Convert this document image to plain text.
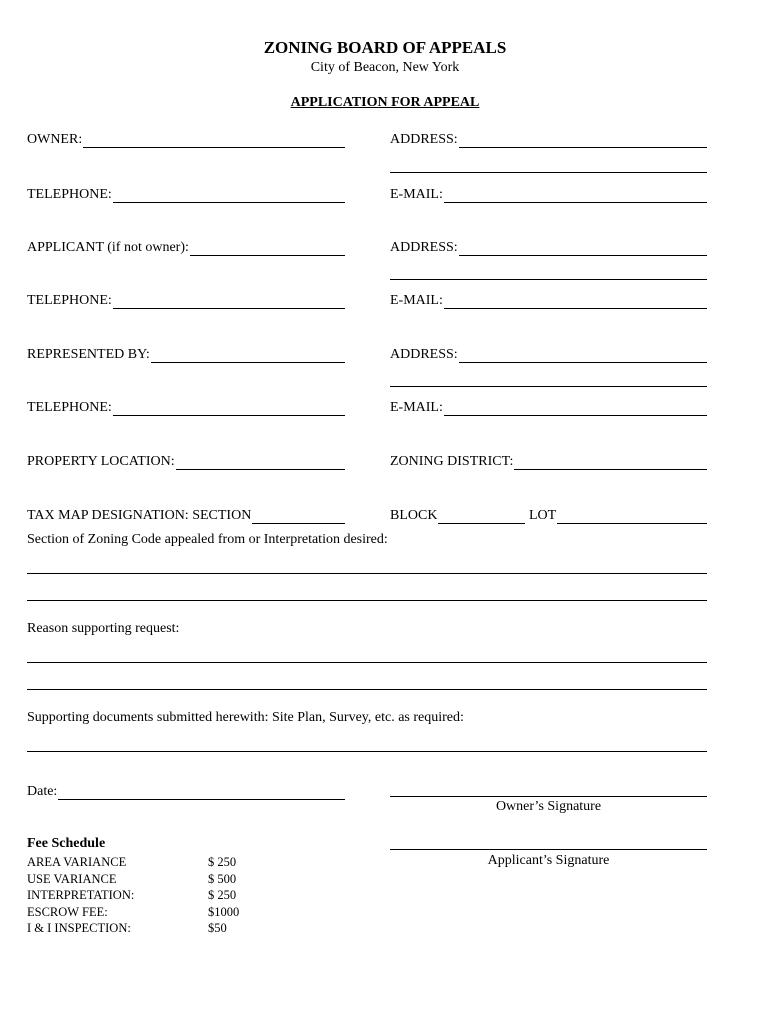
ZONING BOARD OF APPEALS
City of Beacon, New York
APPLICATION FOR APPEAL
OWNER:	ADDRESS:
TELEPHONE:	E-MAIL:
APPLICANT (if not owner):	ADDRESS:
TELEPHONE:	E-MAIL:
REPRESENTED BY:	ADDRESS:
TELEPHONE:	E-MAIL:
PROPERTY LOCATION:	ZONING DISTRICT:
TAX MAP DESIGNATION: SECTION	BLOCK	LOT
Section of Zoning Code appealed from or Interpretation desired:
Reason supporting request:
Supporting documents submitted herewith: Site Plan, Survey, etc. as required:
Date:
Owner’s Signature
Applicant’s Signature
Fee Schedule
AREA VARIANCE	$ 250
USE VARIANCE	$ 500
INTERPRETATION:	$ 250
ESCROW FEE:	$1000
I & I INSPECTION:	$50
